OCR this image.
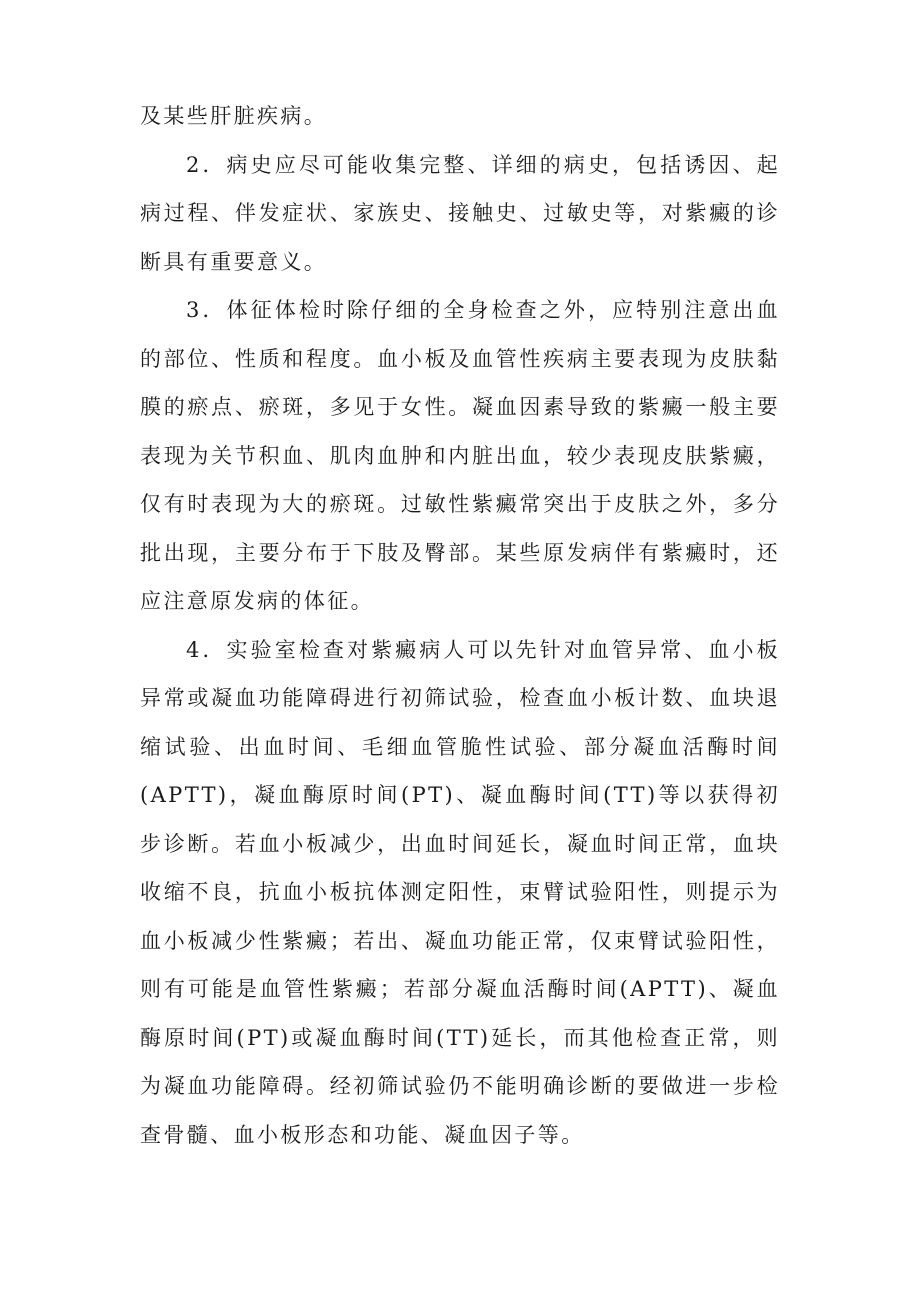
及某些肝脏疾病。

2．病史应尽可能收集完整、详细的病史，包括诱因、起病过程、伴发症状、家族史、接触史、过敏史等，对紫癜的诊断具有重要意义。

3．体征体检时除仔细的全身检查之外，应特别注意出血的部位、性质和程度。血小板及血管性疾病主要表现为皮肤黏膜的瘀点、瘀斑，多见于女性。凝血因素导致的紫癜一般主要表现为关节积血、肌肉血肿和内脏出血，较少表现皮肤紫癜，仅有时表现为大的瘀斑。过敏性紫癜常突出于皮肤之外，多分批出现，主要分布于下肢及臀部。某些原发病伴有紫癜时，还应注意原发病的体征。

4．实验室检查对紫癜病人可以先针对血管异常、血小板异常或凝血功能障碍进行初筛试验，检查血小板计数、血块退缩试验、出血时间、毛细血管脆性试验、部分凝血活酶时间(APTT)，凝血酶原时间(PT)、凝血酶时间(TT)等以获得初步诊断。若血小板减少，出血时间延长，凝血时间正常，血块收缩不良，抗血小板抗体测定阳性，束臂试验阳性，则提示为血小板减少性紫癜；若出、凝血功能正常，仅束臂试验阳性，则有可能是血管性紫癜；若部分凝血活酶时间(APTT)、凝血酶原时间(PT)或凝血酶时间(TT)延长，而其他检查正常，则为凝血功能障碍。经初筛试验仍不能明确诊断的要做进一步检查骨髓、血小板形态和功能、凝血因子等。
